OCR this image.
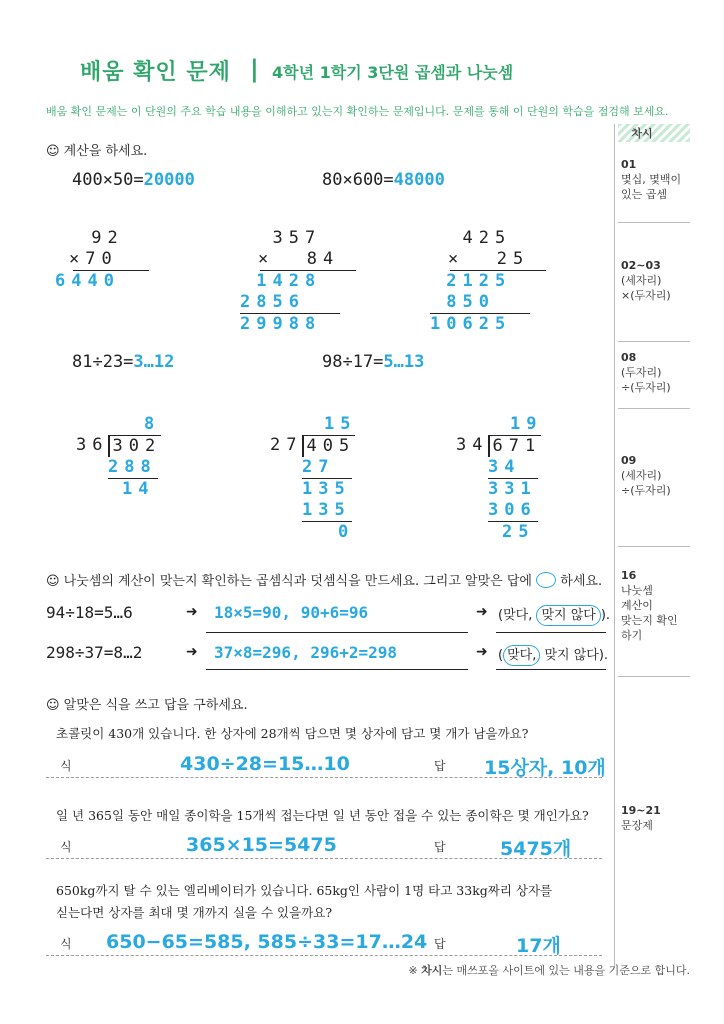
배움 확인 문제 | 4학년 1학기 3단원 곱셈과 나눗셈
배움 확인 문제는 이 단원의 주요 학습 내용을 이해하고 있는지 확인하는 문제입니다. 문제를 통해 이 단원의 학습을 점검해 보세요.
차시
01
몇십, 몇백이
있는 곱셈
02~03
(세자리)
×(두자리)
08
(두자리)
÷(두자리)
09
(세자리)
÷(두자리)
16
나눗셈
계산이
맞는지 확인하기
19~21
문장제
☺ 계산을 하세요.
400×50=20000	80×600=48000
92
×70
6440
357
×  84
1428
2856
29988
425
×  25
2125
850
10625
81÷23=3…12	98÷17=5…13
8
36 302
288
14
15
27 405
27
135
135
0
19
34 671
34
331
306
25
☺ 나눗셈의 계산이 맞는지 확인하는 곱셈식과 덧셈식을 만드세요. 그리고 알맞은 답에 ○ 하세요.
94÷18=5…6	➜ 18×5=90, 90+6=96	➜ (맞다, 맞지 않다 ).
298÷37=8…2	➜ 37×8=296, 296+2=298	➜ ( 맞다, 맞지 않다).
☺ 알맞은 식을 쓰고 답을 구하세요.
초콜릿이 430개 있습니다. 한 상자에 28개씩 담으면 몇 상자에 담고 몇 개가 남을까요?
식	430÷28=15…10	답 15상자, 10개
일 년 365일 동안 매일 종이학을 15개씩 접는다면 일 년 동안 접을 수 있는 종이학은 몇 개인가요?
식	365×15=5475	답	5475개
650kg까지 탈 수 있는 엘리베이터가 있습니다. 65kg인 사람이 1명 타고 33kg짜리 상자를
싣는다면 상자를 최대 몇 개까지 실을 수 있을까요?
식 650−65=585, 585÷33=17…24 답	17개
※ 차시는 매쓰포올 사이트에 있는 내용을 기준으로 합니다.
